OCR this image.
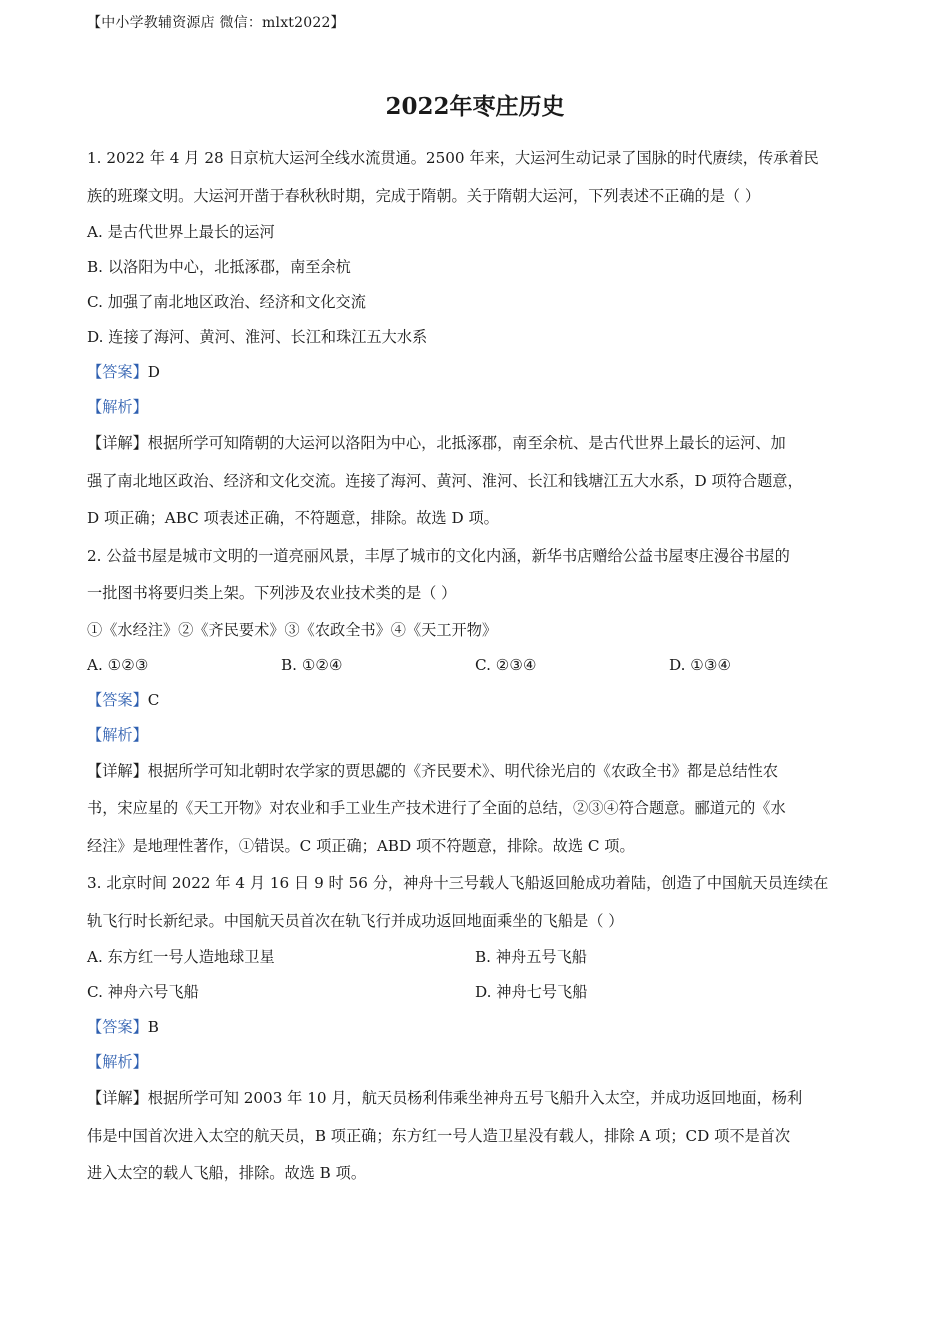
【中小学教辅资源店 微信：mlxt2022】
2022年枣庄历史
1. 2022 年 4 月 28 日京杭大运河全线水流贯通。2500 年来，大运河生动记录了国脉的时代赓续，传承着民
族的班璨文明。大运河开凿于春秋秋时期，完成于隋朝。关于隋朝大运河，下列表述不正确的是（ ）
A. 是古代世界上最长的运河
B. 以洛阳为中心，北抵涿郡，南至余杭
C. 加强了南北地区政治、经济和文化交流
D. 连接了海河、黄河、淮河、长江和珠江五大水系
【答案】D
【解析】
【详解】根据所学可知隋朝的大运河以洛阳为中心，北抵涿郡，南至余杭、是古代世界上最长的运河、加
强了南北地区政治、经济和文化交流。连接了海河、黄河、淮河、长江和钱塘江五大水系，D 项符合题意，
D 项正确；ABC 项表述正确，不符题意，排除。故选 D 项。
2. 公益书屋是城市文明的一道亮丽风景，丰厚了城市的文化内涵，新华书店赠给公益书屋枣庄漫谷书屋的
一批图书将要归类上架。下列涉及农业技术类的是（ ）
①《水经注》②《齐民要术》③《农政全书》④《天工开物》
A. ①②③	B. ①②④	C. ②③④	D. ①③④
【答案】C
【解析】
【详解】根据所学可知北朝时农学家的贾思勰的《齐民要术》、明代徐光启的《农政全书》都是总结性农
书，宋应星的《天工开物》对农业和手工业生产技术进行了全面的总结，②③④符合题意。郦道元的《水
经注》是地理性著作，①错误。C 项正确；ABD 项不符题意，排除。故选 C 项。
3. 北京时间 2022 年 4 月 16 日 9 时 56 分，神舟十三号载人飞船返回舱成功着陆，创造了中国航天员连续在
轨飞行时长新纪录。中国航天员首次在轨飞行并成功返回地面乘坐的飞船是（ ）
A. 东方红一号人造地球卫星	B. 神舟五号飞船
C. 神舟六号飞船	D. 神舟七号飞船
【答案】B
【解析】
【详解】根据所学可知 2003 年 10 月，航天员杨利伟乘坐神舟五号飞船升入太空，并成功返回地面，杨利
伟是中国首次进入太空的航天员，B 项正确；东方红一号人造卫星没有载人，排除 A 项；CD 项不是首次
进入太空的载人飞船，排除。故选 B 项。
